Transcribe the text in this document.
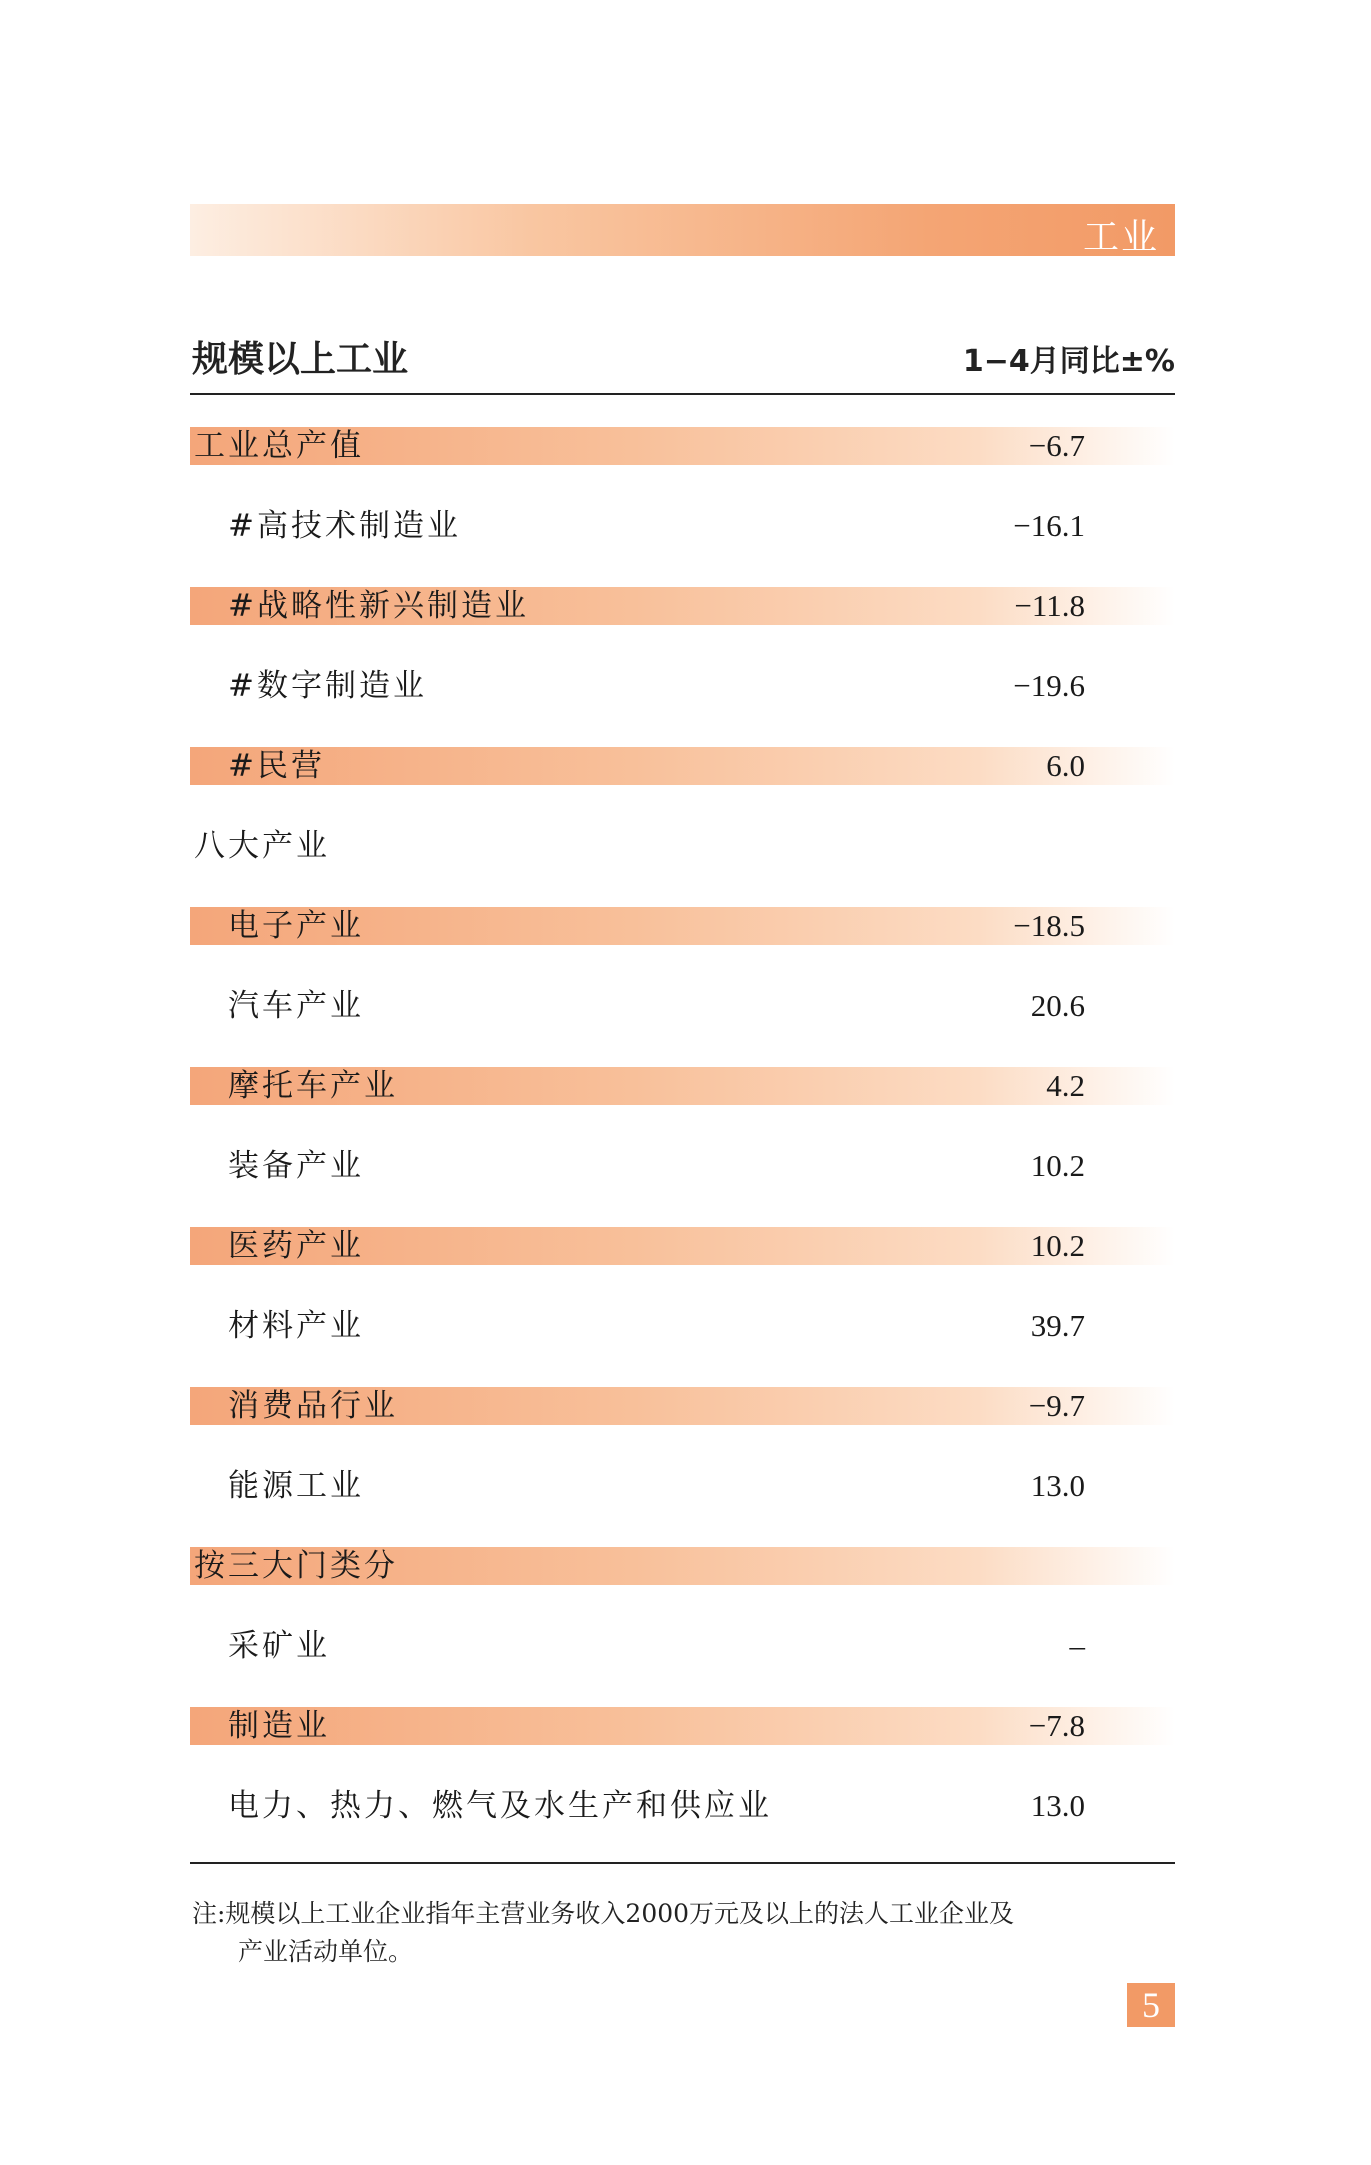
工业
规模以上工业	1−4月同比±%
工业总产值	−6.7
#高技术制造业	−16.1
#战略性新兴制造业	−11.8
#数字制造业	−19.6
#民营	6.0
八大产业
电子产业	−18.5
汽车产业	20.6
摩托车产业	4.2
装备产业	10.2
医药产业	10.2
材料产业	39.7
消费品行业	−9.7
能源工业	13.0
按三大门类分
采矿业	–
制造业	−7.8
电力、热力、燃气及水生产和供应业	13.0
注:规模以上工业企业指年主营业务收入2000万元及以上的法人工业企业及
产业活动单位。
5
